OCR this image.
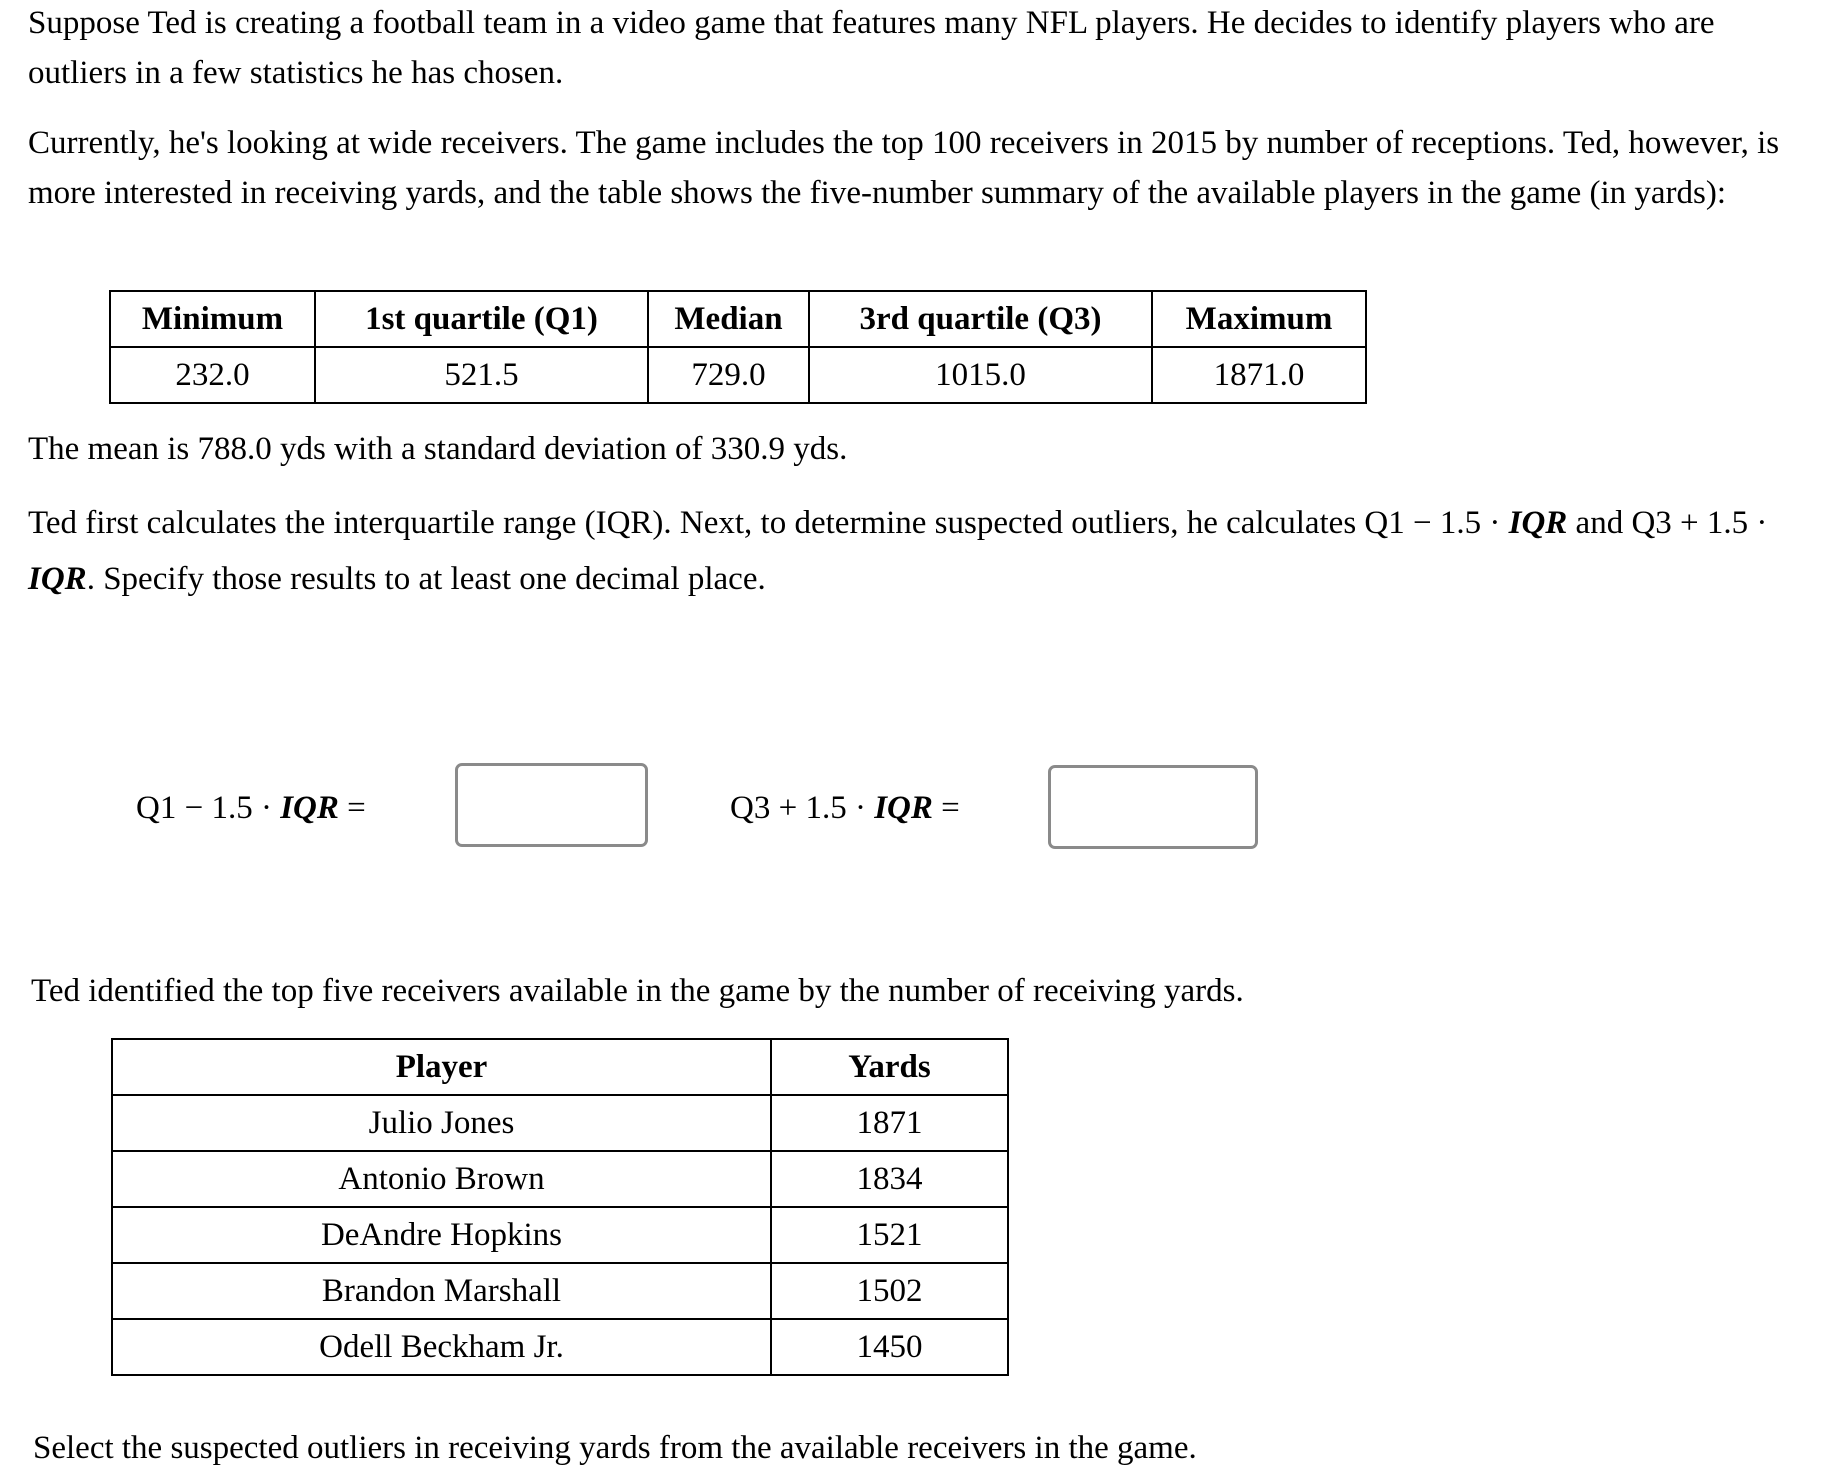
Suppose Ted is creating a football team in a video game that features many NFL players. He decides to identify players who are outliers in a few statistics he has chosen.

Currently, he's looking at wide receivers. The game includes the top 100 receivers in 2015 by number of receptions. Ted, however, is more interested in receiving yards, and the table shows the five-number summary of the available players in the game (in yards):

Minimum	1st quartile (Q1)	Median	3rd quartile (Q3)	Maximum
232.0	521.5	729.0	1015.0	1871.0

The mean is 788.0 yds with a standard deviation of 330.9 yds.

Ted first calculates the interquartile range (IQR). Next, to determine suspected outliers, he calculates Q1 − 1.5 · IQR and Q3 + 1.5 · IQR. Specify those results to at least one decimal place.

Q1 − 1.5 · IQR =	Q3 + 1.5 · IQR =

Ted identified the top five receivers available in the game by the number of receiving yards.

Player	Yards
Julio Jones	1871
Antonio Brown	1834
DeAndre Hopkins	1521
Brandon Marshall	1502
Odell Beckham Jr.	1450

Select the suspected outliers in receiving yards from the available receivers in the game.
